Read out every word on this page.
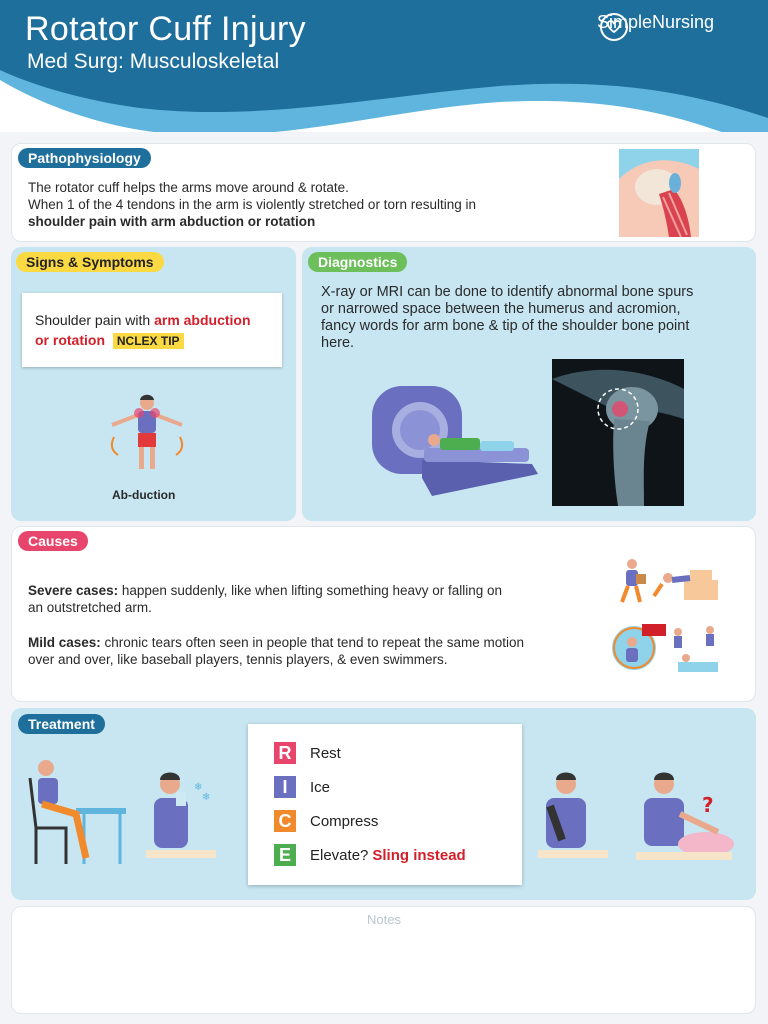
Rotator Cuff Injury
Med Surg: Musculoskeletal
SimpleNursing
Pathophysiology
The rotator cuff helps the arms move around & rotate.
When 1 of the 4 tendons in the arm is violently stretched or torn resulting in
shoulder pain with arm abduction or rotation
Signs & Symptoms
Shoulder pain with arm abduction
or rotation NCLEX TIP
Ab-duction
Diagnostics
X-ray or MRI can be done to identify abnormal bone spurs
or narrowed space between the humerus and acromion,
fancy words for arm bone & tip of the shoulder bone point
here.
Causes
Severe cases: happen suddenly, like when lifting something heavy or falling on
an outstretched arm.
Mild cases: chronic tears often seen in people that tend to repeat the same motion
over and over, like baseball players, tennis players, & even swimmers.
Treatment
❄
❄	?
R	Rest
I	Ice
C	Compress
E	Elevate? Sling instead
Notes
